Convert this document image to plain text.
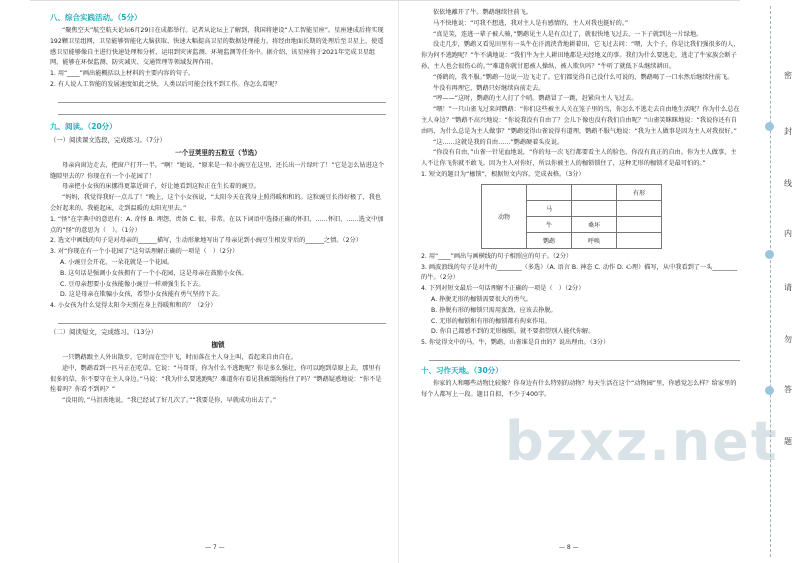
八、综合实践活动。（5分）

“聚焦空天”航空航天论坛6月29日在成都举行。记者从论坛上了解到，我国将建设“人工智能星座”。星座建成后将实现192颗卫星组网，卫星能够智能化大脑获取、快速大幅提高卫星的数据处理能力，将经由地面长期的处理后至卫星上，使遥感卫星能够像自主进行快速处理和分析，运用到灾害监测、环境监测等任务中。据介绍，该星座将于2021年完成卫星组网，能够在环保监测、防灾减灾、交通管理等领域发挥作用。

1. 用“____”画出能概括以上材料的主要内容的句子。

2. 有人说人工智能的发展速度如此之快，人类以后可能会找不到工作。你怎么看呢？

九、阅读。（20分）
（一）阅读课文选段，完成练习。（7分）
一个豆荚里的五粒豆（节选）

母亲向窗边走去，把窗户打开一半。“啊！”她说，“原来是一粒小豌豆在这里，还长出一片绿叶了！”它是怎么钻进这个缝隙里去的？你现在有一个小花园了！

母亲把小女孩的床挪得更靠近窗子，好让她看到这粒正在生长着的豌豆。

“妈妈，我觉得我好一点儿了！”晚上，这个小女孩说，“太阳今天在我身上照得暖和和的。这粒豌豆长得好极了，我也会好起来的。我能起床，走到温暖的太阳光里去。”

1. “怪”在字典中的意思有：A. 奇怪 B. 埋怨，责备 C. 很，非常。在以下词语中选择正确的怀旧、……怀旧、……选文中加点的“怪”的意思为（　）。（1分）

2. 选文中画线的句子是对母亲的______描写，生动形象地写出了母亲见到小豌豆生根发芽后的______之情。（2分）

3. 对“你现在有一个小花园了”这句话理解正确的一项是（　）（2分）

A. 小豌豆会开花，一朵花就是一个花园。

B. 这句话是强调小女孩拥有了一个小花园，这是母亲在鼓励小女孩。

C. 豆母亲想要小女孩能像小豌豆一样顽强生长下去。

D. 这是母亲在欺骗小女孩，希望小女孩能有勇气坚持下去。

4. 小女孩为什么觉得太阳今天照在身上得暖和和的？（2分）

（二）阅读短文，完成练习。（13分）
枷锁

一只鹦鹉跟主人外出散步，它时而在空中飞，时而落在主人身上叫，看起来自由自在。

途中，鹦鹉看到一匹马正在吃草。它说：“马哥哥，你为什么不逃跑呢？你是多么强壮，你可以跑到草原上去，那里有很多的草，你不要守在主人身边。”马说：“我为什么要逃跑呢？难道你有看见我被缰绳拴住了吗？”鹦鹉疑惑地说：“你不是拴着吗？你看不到吗？”

“没用的，”马沮丧地说，“我已经试了好几次了。”“我要是你，早就成功出去了。”

— 7 —

依依地離开了牛。鹦鹉继续往前飞。

马不快地说：“可我不想逃，我对主人是有感情的，主人对我也挺好的。”

“真是笑，连逃一辈子被人骑，”鹦鹉见主人是有点过了，就很快地飞过去，一下子就到达一片绿地。

没走几步，鹦鹉又看见田里有一头牛在汗流浃背地耕着田，它飞过去问：“喂，大个子，你是比我们强很多的人，你为何不逃跑呢？”牛不满地说：“我们牛为主人耕田地都是天经地义的事。我们为什么要逃走，逃走了牛家族会断子孙，主人也会很伤心的。”“难道你就甘愿被人操纵，被人欺负吗？”牛听了就低下头继续耕田。

“孫鹤的，我不服。”鹦鹉一边说一边飞走了。它们都觉得自己没什么可说的，鹦鹉喝了一口水然后继续往前飞。

牛没有再理它，鹦鹉只好继续向前走去。

“哼——”这时，鹦鹉的主人打了个哨。鹦鹉冒了一跳，赶紧向主人飞过去。

“喂！”一只山雀飞过来问鹦鹉：“你们这些被主人关在笼子里的鸟，你怎么不逃走去自由地生活呢？你为什么总在主人身边？”鹦鹉不高兴地说：“你说我没有自由了？会儿下像也没有我们自由呢？”山雀笑眯眯地说：“我说你还有自由吗，为什么总是为主人做事？”鹦鹉觉得山雀说得有道理，鹦鹉不服气地说：“我为主人做事是因为主人对我很好。”

“这……这就是我的自由……”鹦鹉硬着头皮说。

“你没有自由，”山雀一针见血地说，“你的每一次飞行都要看主人的脸色，你没有真正的自由。你为主人做事，主人不让你飞你就不敢飞。因为主人对你好，所以你被主人的枷锁锁住了，这种无形的枷锁才是最可怕的。”

1. 短文的题目为“枷锁”，根据短文内容，完成表格。（3分）

动物			有形
	马		
	牛	桑坏	
	鹦鹉	呼唤	

2. 用“____”画出与画横线的句子相照应的句子。（2分）

3. 画波浪线的句子是对牛的________（多选）（A. 语言 B. 神态 C. 动作 D. 心理）描写，从中我看到了一头________的牛。（2分）

4. 下列对短文最后一句话理解不正确的一项是（　）（2分）

A. 挣脱无形的枷锁需要很大的勇气。

B. 挣脱有形的枷锁只需用蛮劲，应该去挣脱。

C. 无形的枷锁和有形的枷锁都有拘束作用。

D. 你自己都感不到的无形枷锁，就不要指望别人能代你解。

5. 你觉得文中的马，牛，鹦鹉，山雀谁是自由的？说出理由。（3分）

十、习作天地。（30分）

你家的人和哪些动物比较像？你身边有什么特别的动物？每天生活在这个“动物园”里，你感觉怎么样？给家里的每个人都写上一段。题目自拟，不少于400字。

— 8 —
密
封
线
内
请
勿
答
题
bzxz.net
